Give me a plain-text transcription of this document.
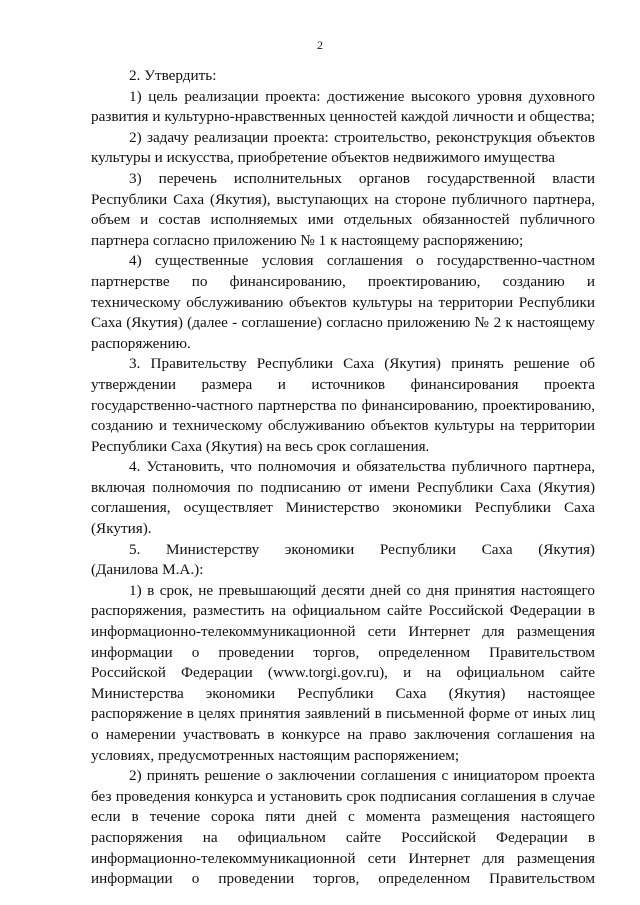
2
2. Утвердить:
1) цель реализации проекта: достижение высокого уровня духовного
развития и культурно-нравственных ценностей каждой личности и общества;
2) задачу реализации проекта: строительство, реконструкция объектов
культуры и искусства, приобретение объектов недвижимого имущества
3) перечень исполнительных органов государственной власти
Республики Саха (Якутия), выступающих на стороне публичного партнера,
объем и состав исполняемых ими отдельных обязанностей публичного
партнера согласно приложению № 1 к настоящему распоряжению;
4) существенные условия соглашения о государственно-частном
партнерстве по финансированию, проектированию, созданию и
техническому обслуживанию объектов культуры на территории Республики
Саха (Якутия) (далее - соглашение) согласно приложению № 2 к настоящему
распоряжению.
3. Правительству Республики Саха (Якутия) принять решение об
утверждении размера и источников финансирования проекта
государственно-частного партнерства по финансированию, проектированию,
созданию и техническому обслуживанию объектов культуры на территории
Республики Саха (Якутия) на весь срок соглашения.
4. Установить, что полномочия и обязательства публичного партнера,
включая полномочия по подписанию от имени Республики Саха (Якутия)
соглашения, осуществляет Министерство экономики Республики Саха
(Якутия).
5. Министерству экономики Республики Саха (Якутия)
(Данилова М.А.):
1) в срок, не превышающий десяти дней со дня принятия настоящего
распоряжения, разместить на официальном сайте Российской Федерации в
информационно-телекоммуникационной сети Интернет для размещения
информации о проведении торгов, определенном Правительством
Российской Федерации (www.torgi.gov.ru), и на официальном сайте
Министерства экономики Республики Саха (Якутия) настоящее
распоряжение в целях принятия заявлений в письменной форме от иных лиц
о намерении участвовать в конкурсе на право заключения соглашения на
условиях, предусмотренных настоящим распоряжением;
2) принять решение о заключении соглашения с инициатором проекта
без проведения конкурса и установить срок подписания соглашения в случае
если в течение сорока пяти дней с момента размещения настоящего
распоряжения на официальном сайте Российской Федерации в
информационно-телекоммуникационной сети Интернет для размещения
информации о проведении торгов, определенном Правительством
